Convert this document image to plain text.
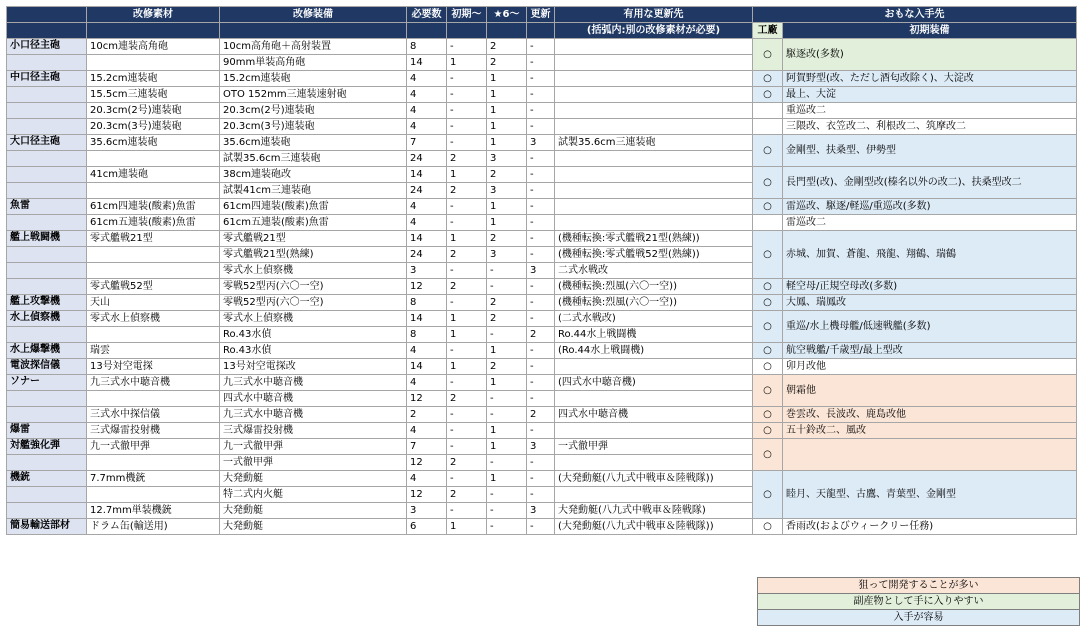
	改修素材	改修装備	必要数	初期～	★6～	更新	有用な更新先	おもな入手先	
							(括弧内:別の改修素材が必要)	工廠	初期装備
小口径主砲	10cm連装高角砲	10cm高角砲＋高射装置	8	-	2	-		○	駆逐改(多数)
		90mm単装高角砲	14	1	2	-			
中口径主砲	15.2cm連装砲	15.2cm連装砲	4	-	1	-		○	阿賀野型(改、ただし酒匂改除く)、大淀改
	15.5cm三連装砲	OTO 152mm三連装速射砲	4	-	1	-		○	最上、大淀
	20.3cm(2号)連装砲	20.3cm(2号)連装砲	4	-	1	-			重巡改二
	20.3cm(3号)連装砲	20.3cm(3号)連装砲	4	-	1	-			三隈改、衣笠改二、利根改二、筑摩改二
大口径主砲	35.6cm連装砲	35.6cm連装砲	7	-	1	3	試製35.6cm三連装砲	○	金剛型、扶桑型、伊勢型
		試製35.6cm三連装砲	24	2	3	-			
	41cm連装砲	38cm連装砲改	14	1	2	-		○	長門型(改)、金剛型改(榛名以外の改二)、扶桑型改二
		試製41cm三連装砲	24	2	3	-			
魚雷	61cm四連装(酸素)魚雷	61cm四連装(酸素)魚雷	4	-	1	-		○	雷巡改、駆逐/軽巡/重巡改(多数)
	61cm五連装(酸素)魚雷	61cm五連装(酸素)魚雷	4	-	1	-			雷巡改二
艦上戦闘機	零式艦戦21型	零式艦戦21型	14	1	2	-	(機種転換:零式艦戦21型(熟練))	○	赤城、加賀、蒼龍、飛龍、翔鶴、瑞鶴
		零式艦戦21型(熟練)	24	2	3	-	(機種転換:零式艦戦52型(熟練))		
		零式水上偵察機	3	-	-	3	二式水戦改		
	零式艦戦52型	零戦52型丙(六〇一空)	12	2	-	-	(機種転換:烈風(六〇一空))	○	軽空母/正規空母改(多数)
艦上攻撃機	天山	零戦52型丙(六〇一空)	8	-	2	-	(機種転換:烈風(六〇一空))	○	大鳳、瑞鳳改
水上偵察機	零式水上偵察機	零式水上偵察機	14	1	2	-	(二式水戦改)	○	重巡/水上機母艦/低速戦艦(多数)
		Ro.43水偵	8	1	-	2	Ro.44水上戦闘機		
水上爆撃機	瑞雲	Ro.43水偵	4	-	1	-	(Ro.44水上戦闘機)	○	航空戦艦/千歳型/最上型改
電波探信儀	13号対空電探	13号対空電探改	14	1	2	-		○	卯月改他
ソナー	九三式水中聴音機	九三式水中聴音機	4	-	1	-	(四式水中聴音機)	○	朝霜他
		四式水中聴音機	12	2	-	-			
	三式水中探信儀	九三式水中聴音機	2	-	-	2	四式水中聴音機	○	巻雲改、長波改、鹿島改他
爆雷	三式爆雷投射機	三式爆雷投射機	4	-	1	-		○	五十鈴改二、風改
対艦強化弾	九一式徹甲弾	九一式徹甲弾	7	-	1	3	一式徹甲弾	○	
		一式徹甲弾	12	2	-	-			
機銃	7.7mm機銃	大発動艇	4	-	1	-	(大発動艇(八九式中戦車＆陸戦隊))	○	睦月、天龍型、古鷹、青葉型、金剛型
		特二式内火艇	12	2	-	-			
	12.7mm単装機銃	大発動艇	3	-	-	3	大発動艇(八九式中戦車＆陸戦隊)		
簡易輸送部材	ドラム缶(輸送用)	大発動艇	6	1	-	-	(大発動艇(八九式中戦車＆陸戦隊))	○	香雨改(およびウィークリー任務)
狙って開発することが多い
副産物として手に入りやすい
入手が容易
